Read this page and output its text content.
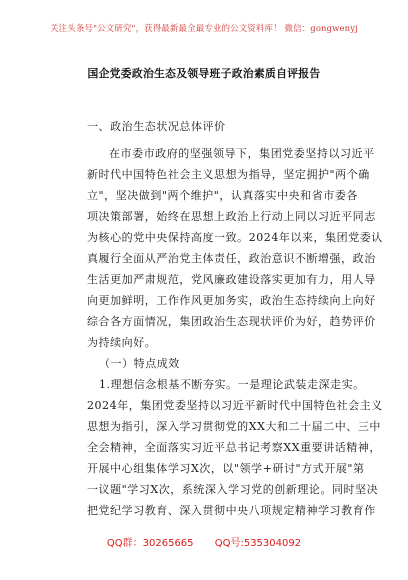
关注头条号"公文研究"，获得最新最全最专业的公文资料库！ 微信：gongwenyj
国企党委政治生态及领导班子政治素质自评报告
一、政治生态状况总体评价
在市委市政府的坚强领导下，集团党委坚持以习近平
新时代中国特色社会主义思想为指导，坚定拥护"两个确
立"，坚决做到"两个维护"，认真落实中央和省市委各
项决策部署，始终在思想上政治上行动上同以习近平同志
为核心的党中央保持高度一致。2024年以来，集团党委认
真履行全面从严治党主体责任，政治意识不断增强，政治
生活更加严肃规范，党风廉政建设落实更加有力，用人导
向更加鲜明，工作作风更加务实，政治生态持续向上向好
综合各方面情况，集团政治生态现状评价为好，趋势评价
为持续向好。
（一）特点成效
1.理想信念根基不断夯实。一是理论武装走深走实。
2024年，集团党委坚持以习近平新时代中国特色社会主义
思想为指引，深入学习贯彻党的XX大和二十届二中、三中
全会精神，全面落实习近平总书记考察XX重要讲话精神，
开展中心组集体学习X次，以"领学+研讨"方式开展"第
一议题"学习X次，系统深入学习党的创新理论。同时坚决
把党纪学习教育、深入贯彻中央八项规定精神学习教育作
QQ群：30265665 QQ号:535304092
